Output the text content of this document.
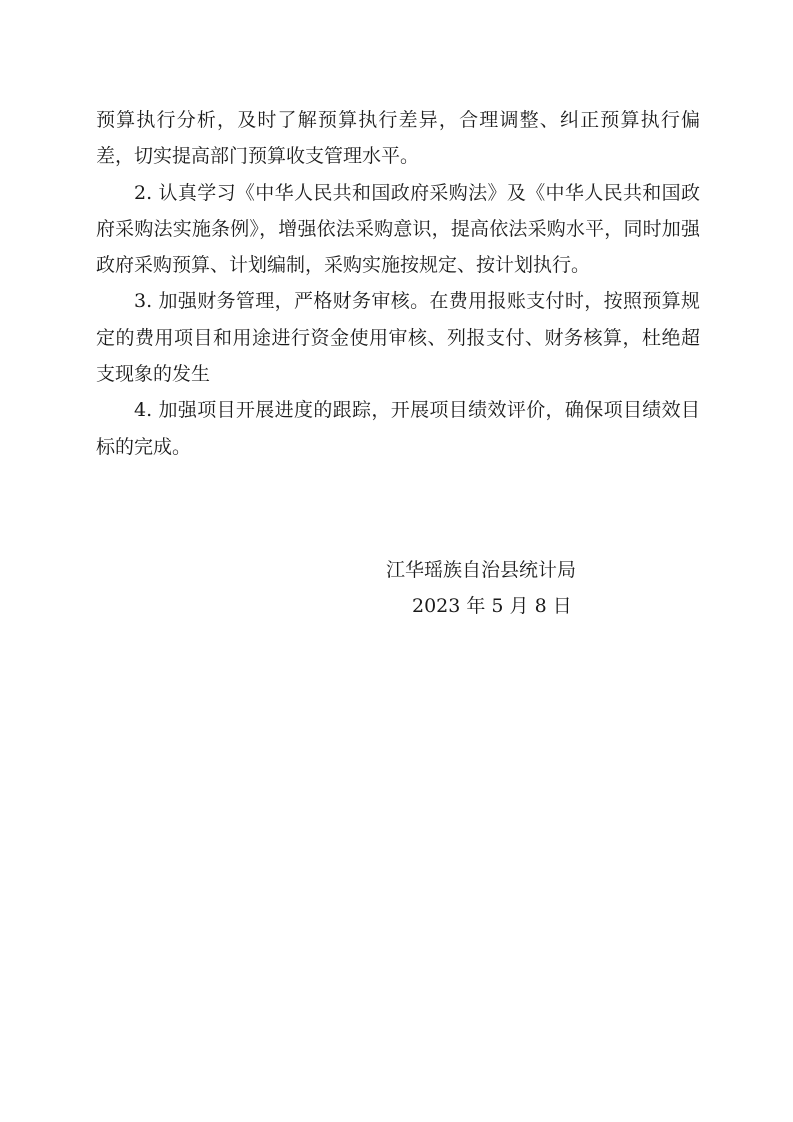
预算执行分析，及时了解预算执行差异，合理调整、纠正预算执行偏差，切实提高部门预算收支管理水平。

2. 认真学习《中华人民共和国政府采购法》及《中华人民共和国政府采购法实施条例》，增强依法采购意识，提高依法采购水平，同时加强政府采购预算、计划编制，采购实施按规定、按计划执行。

3. 加强财务管理，严格财务审核。在费用报账支付时，按照预算规定的费用项目和用途进行资金使用审核、列报支付、财务核算，杜绝超支现象的发生

4. 加强项目开展进度的跟踪，开展项目绩效评价，确保项目绩效目标的完成。

江华瑶族自治县统计局
2023 年 5 月 8 日
